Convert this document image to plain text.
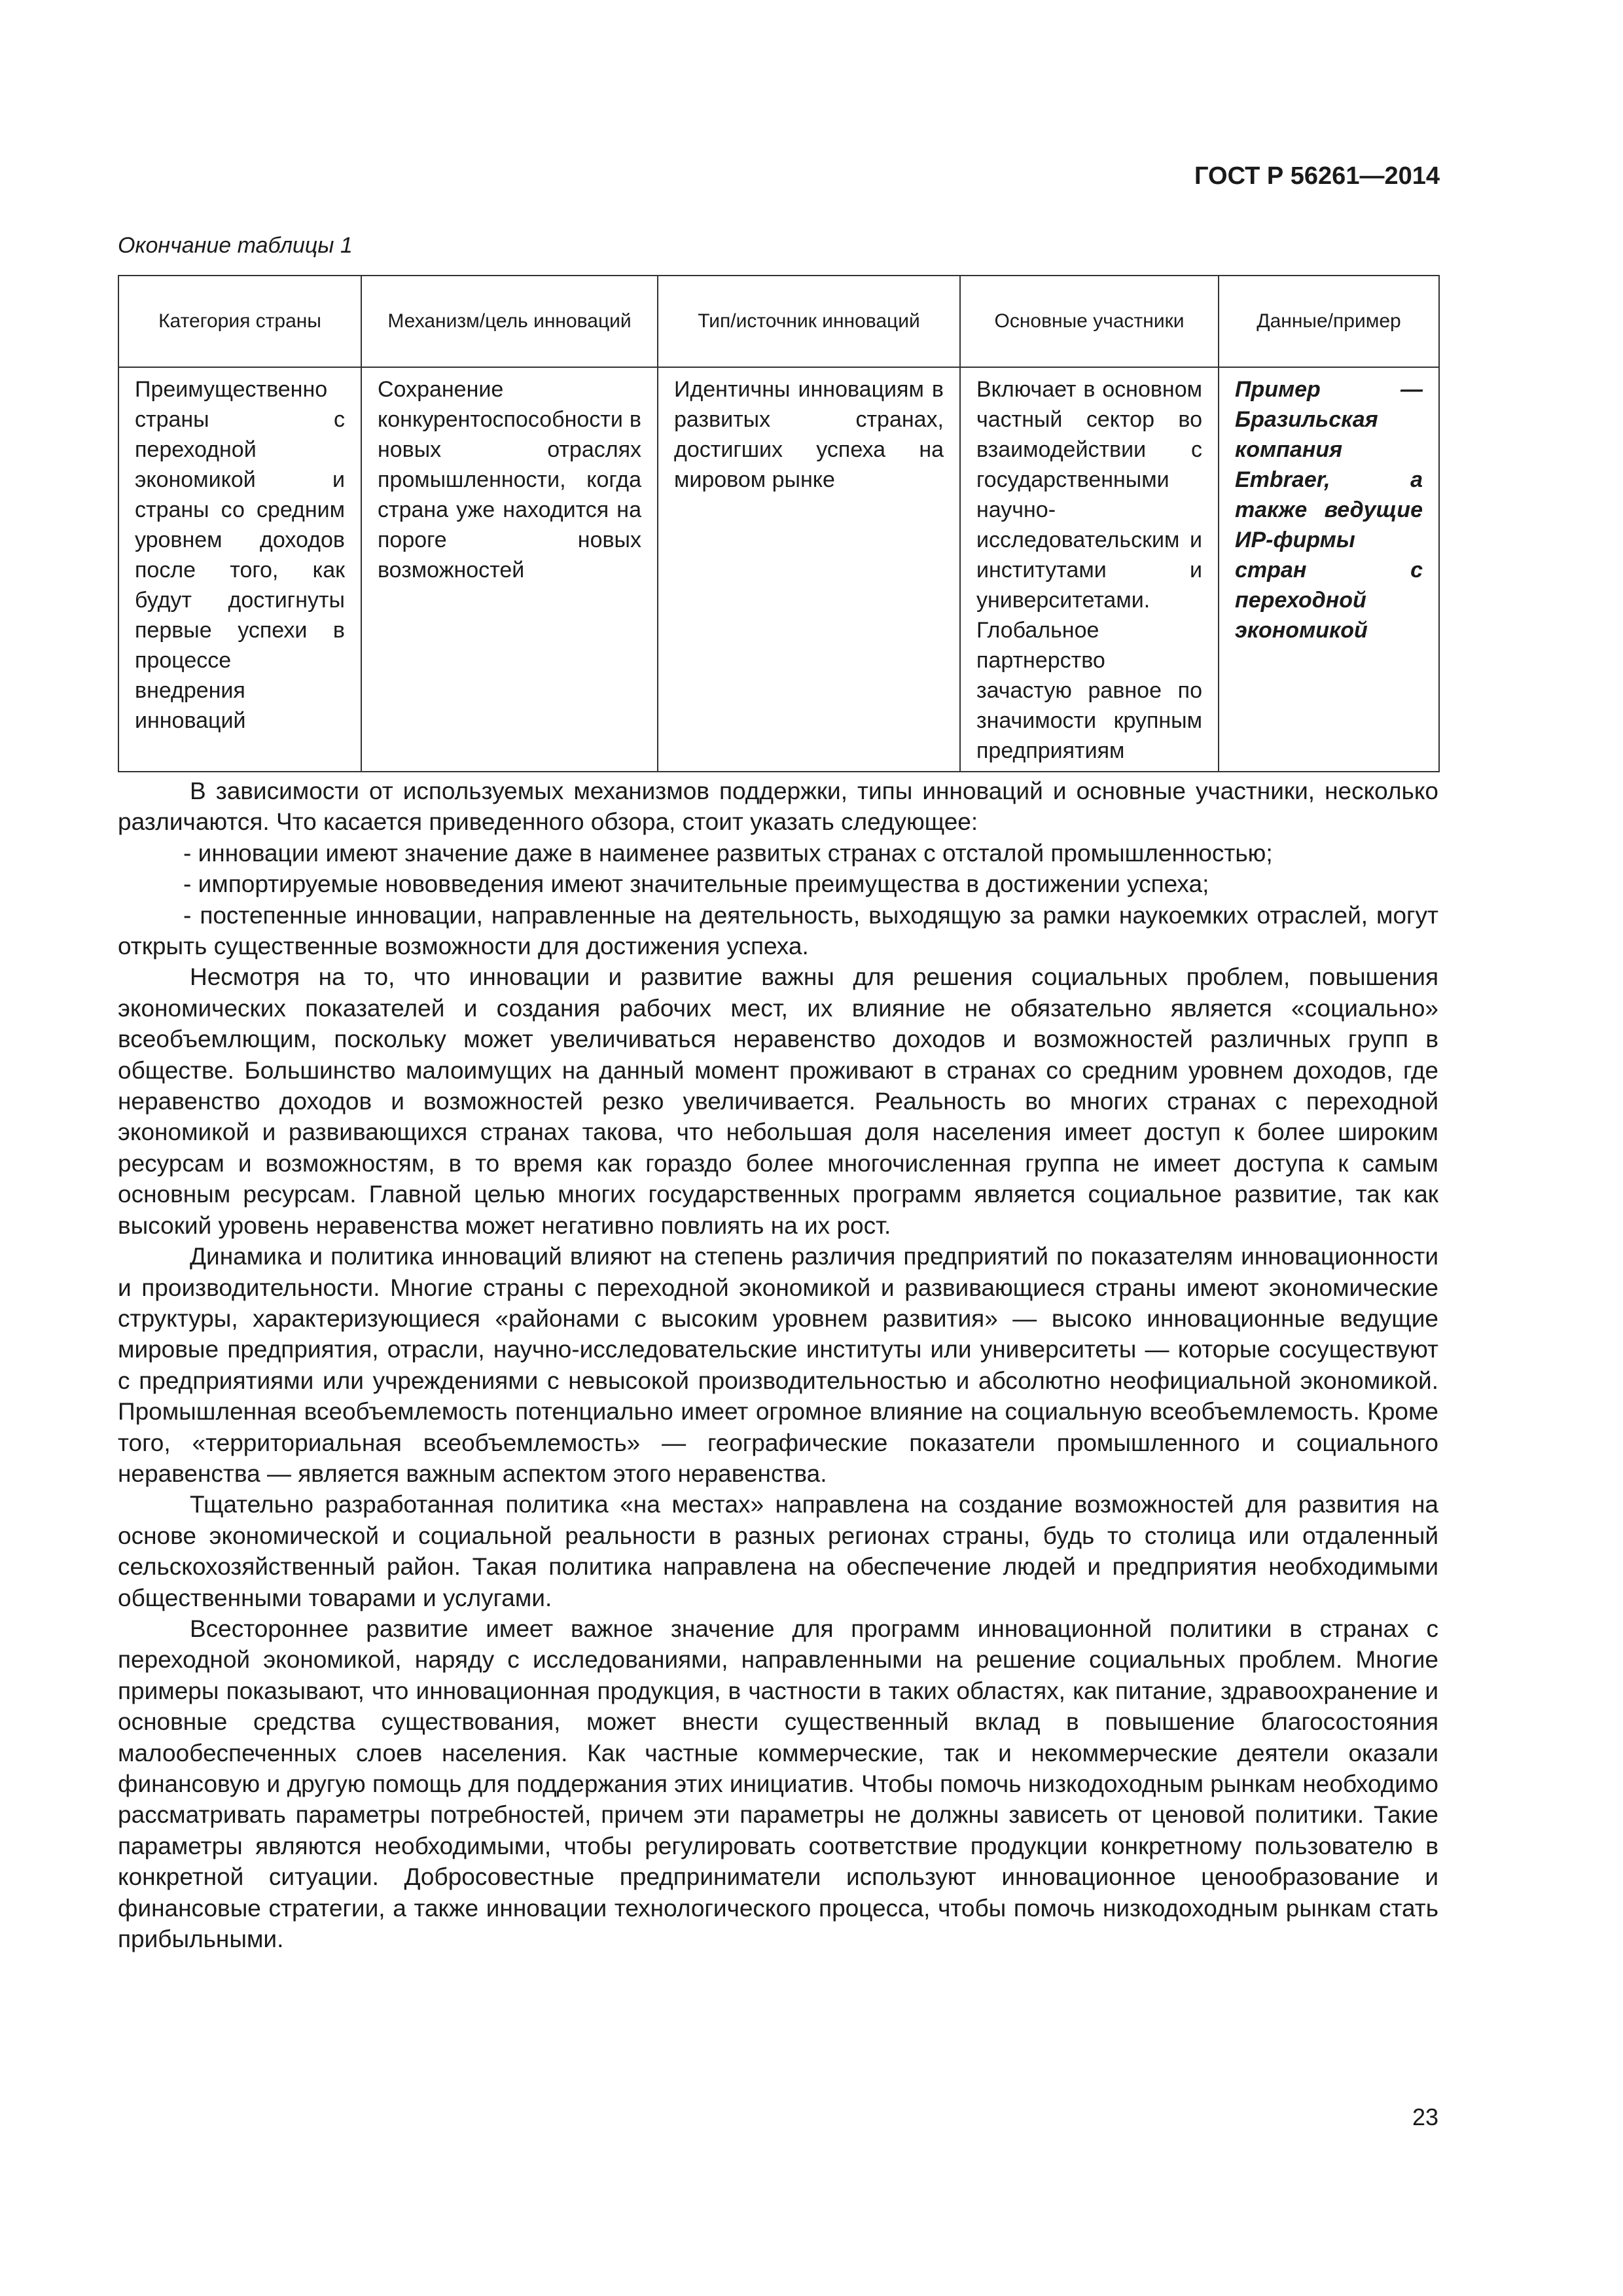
ГОСТ Р 56261—2014
Окончание таблицы 1
Категория страны	Механизм/цель инноваций	Тип/источник инноваций	Основные участники	Данные/пример
Преимущественно страны с переходной экономикой и страны со средним уровнем доходов после того, как будут достигнуты первые успехи в процессе внедрения инноваций	Сохранение конкурентоспособности в новых отраслях промышленности, когда страна уже находится на пороге новых возможностей	Идентичны инновациям в развитых странах, достигших успеха на мировом рынке	Включает в основном частный сектор во взаимодействии с государственными научно-исследовательским и институтами и университетами. Глобальное партнерство зачастую равное по значимости крупным предприятиям	Пример — Бразильская компания Embraer, а также ведущие ИР-фирмы стран с переходной экономикой

В зависимости от используемых механизмов поддержки, типы инноваций и основные участники, несколько различаются. Что касается приведенного обзора, стоит указать следующее:

- инновации имеют значение даже в наименее развитых странах с отсталой промышленностью;

- импортируемые нововведения имеют значительные преимущества в достижении успеха;

- постепенные инновации, направленные на деятельность, выходящую за рамки наукоемких отраслей, могут открыть существенные возможности для достижения успеха.

Несмотря на то, что инновации и развитие важны для решения социальных проблем, повышения экономических показателей и создания рабочих мест, их влияние не обязательно является «социально» всеобъемлющим, поскольку может увеличиваться неравенство доходов и возможностей различных групп в обществе. Большинство малоимущих на данный момент проживают в странах со средним уровнем доходов, где неравенство доходов и возможностей резко увеличивается. Реальность во многих странах с переходной экономикой и развивающихся странах такова, что небольшая доля населения имеет доступ к более широким ресурсам и возможностям, в то время как гораздо более многочисленная группа не имеет доступа к самым основным ресурсам. Главной целью многих государственных программ является социальное развитие, так как высокий уровень неравенства может негативно повлиять на их рост.

Динамика и политика инноваций влияют на степень различия предприятий по показателям инновационности и производительности. Многие страны с переходной экономикой и развивающиеся страны имеют экономические структуры, характеризующиеся «районами с высоким уровнем развития» — высоко инновационные ведущие мировые предприятия, отрасли, научно-исследовательские институты или университеты — которые сосуществуют с предприятиями или учреждениями с невысокой производительностью и абсолютно неофициальной экономикой. Промышленная всеобъемлемость потенциально имеет огромное влияние на социальную всеобъемлемость. Кроме того, «территориальная всеобъемлемость» — географические показатели промышленного и социального неравенства — является важным аспектом этого неравенства.

Тщательно разработанная политика «на местах» направлена на создание возможностей для развития на основе экономической и социальной реальности в разных регионах страны, будь то столица или отдаленный сельскохозяйственный район. Такая политика направлена на обеспечение людей и предприятия необходимыми общественными товарами и услугами.

Всестороннее развитие имеет важное значение для программ инновационной политики в странах с переходной экономикой, наряду с исследованиями, направленными на решение социальных проблем. Многие примеры показывают, что инновационная продукция, в частности в таких областях, как питание, здравоохранение и основные средства существования, может внести существенный вклад в повышение благосостояния малообеспеченных слоев населения. Как частные коммерческие, так и некоммерческие деятели оказали финансовую и другую помощь для поддержания этих инициатив. Чтобы помочь низкодоходным рынкам необходимо рассматривать параметры потребностей, причем эти параметры не должны зависеть от ценовой политики. Такие параметры являются необходимыми, чтобы регулировать соответствие продукции конкретному пользователю в конкретной ситуации. Добросовестные предприниматели используют инновационное ценообразование и финансовые стратегии, а также инновации технологического процесса, чтобы помочь низкодоходным рынкам стать прибыльными.

23
